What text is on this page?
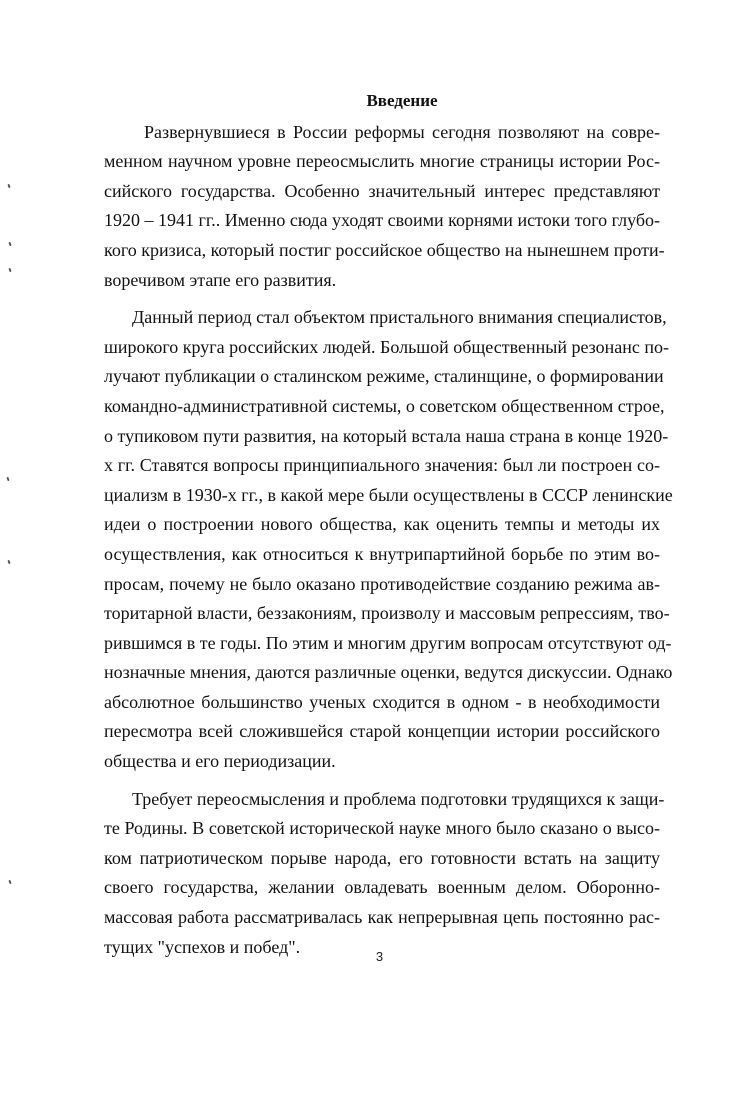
Введение

Развернувшиеся в России реформы сегодня позволяют на совре-
менном научном уровне переосмыслить многие страницы истории Рос-
сийского государства. Особенно значительный интерес представляют
1920 – 1941 гг.. Именно сюда уходят своими корнями истоки того глубо-
кого кризиса, который постиг российское общество на нынешнем проти-
воречивом этапе его развития.

Данный период стал объектом пристального внимания специалистов,
широкого круга российских людей. Большой общественный резонанс по-
лучают публикации о сталинском режиме, сталинщине, о формировании
командно-административной системы, о советском общественном строе,
о тупиковом пути развития, на который встала наша страна в конце 1920-
х гг. Ставятся вопросы принципиального значения: был ли построен со-
циализм в 1930-х гг., в какой мере были осуществлены в СССР ленинские
идеи о построении нового общества, как оценить темпы и методы их
осуществления, как относиться к внутрипартийной борьбе по этим во-
просам, почему не было оказано противодействие созданию режима ав-
торитарной власти, беззакониям, произволу и массовым репрессиям, тво-
рившимся в те годы. По этим и многим другим вопросам отсутствуют од-
нозначные мнения, даются различные оценки, ведутся дискуссии. Однако
абсолютное большинство ученых сходится в одном - в необходимости
пересмотра всей сложившейся старой концепции истории российского
общества и его периодизации.

Требует переосмысления и проблема подготовки трудящихся к защи-
те Родины. В советской исторической науке много было сказано о высо-
ком патриотическом порыве народа, его готовности встать на защиту
своего государства, желании овладевать военным делом. Оборонно-
массовая работа рассматривалась как непрерывная цепь постоянно рас-
тущих "успехов и побед".	3
